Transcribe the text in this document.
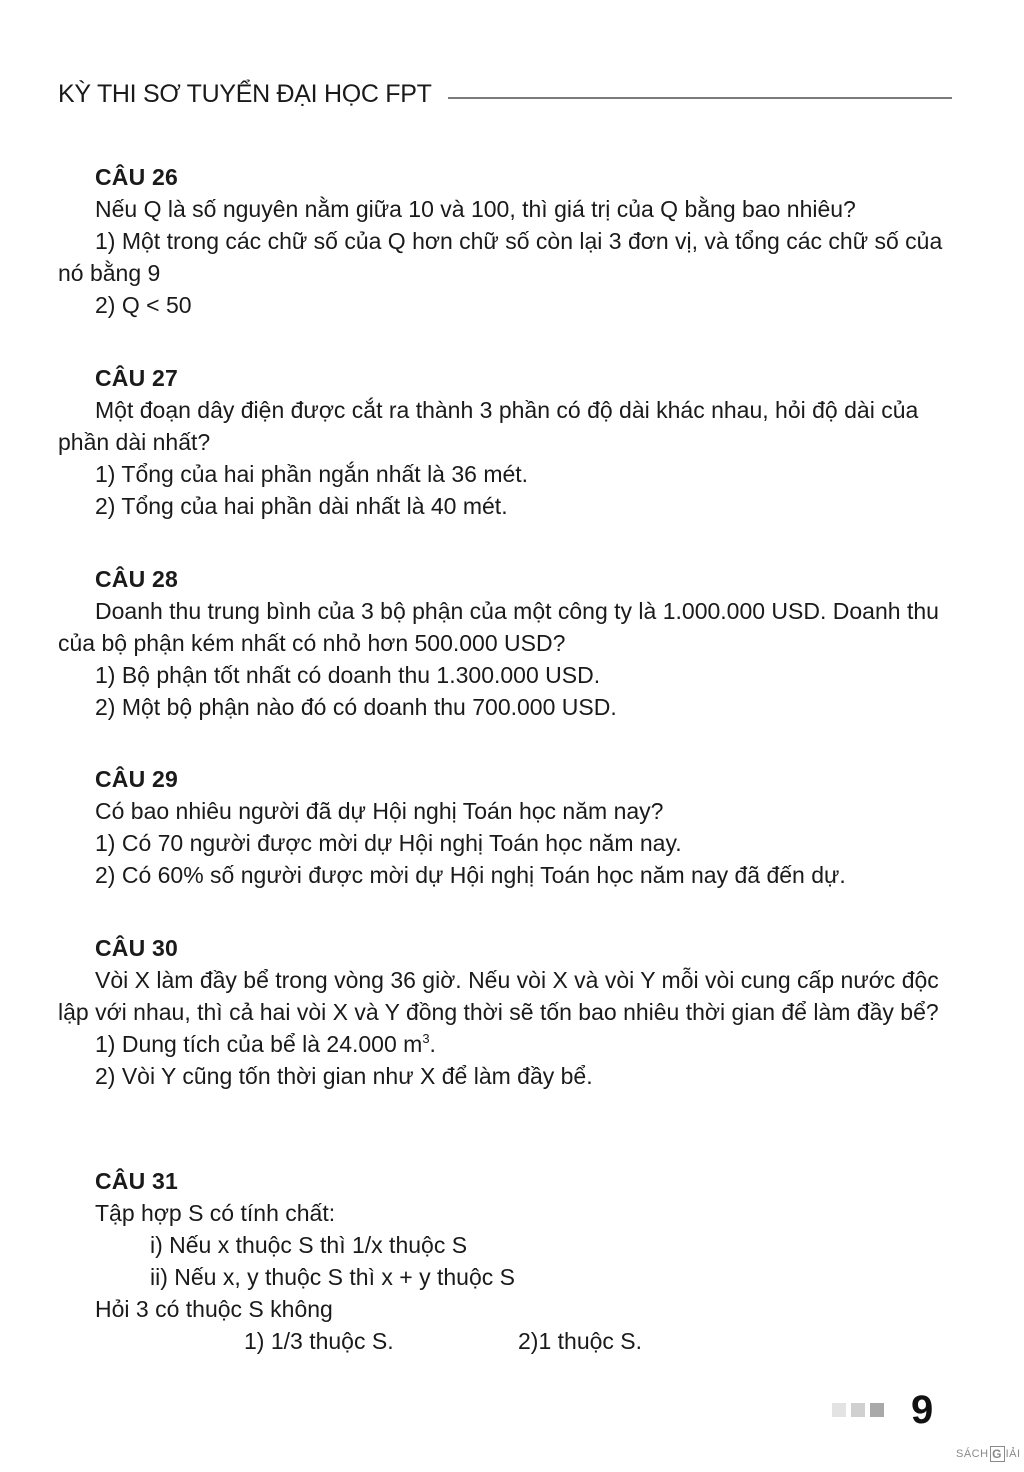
KỲ THI SƠ TUYỂN ĐẠI HỌC FPT
CÂU 26
Nếu Q là số nguyên nằm giữa 10 và 100, thì giá trị của Q bằng bao nhiêu?
1) Một trong các chữ số của Q hơn chữ số còn lại 3 đơn vị, và tổng các chữ số của nó bằng 9
2) Q < 50
CÂU 27
Một đoạn dây điện được cắt ra thành 3 phần có độ dài khác nhau, hỏi độ dài của phần dài nhất?
1) Tổng của hai phần ngắn nhất là 36 mét.
2) Tổng của hai phần dài nhất là 40 mét.
CÂU 28
Doanh thu trung bình của 3 bộ phận của một công ty là 1.000.000 USD. Doanh thu của bộ phận kém nhất có nhỏ hơn 500.000 USD?
1) Bộ phận tốt nhất có doanh thu 1.300.000 USD.
2) Một bộ phận nào đó có doanh thu 700.000 USD.
CÂU 29
Có bao nhiêu người đã dự Hội nghị Toán học năm nay?
1) Có 70 người được mời dự Hội nghị Toán học năm nay.
2) Có 60% số người được mời dự Hội nghị Toán học năm nay đã đến dự.
CÂU 30
Vòi X làm đầy bể trong vòng 36 giờ. Nếu vòi X và vòi Y mỗi vòi cung cấp nước độc lập với nhau, thì cả hai vòi X và Y đồng thời sẽ tốn bao nhiêu thời gian để làm đầy bể?
1) Dung tích của bể là 24.000 $m^3$.
2) Vòi Y cũng tốn thời gian như X để làm đầy bể.
CÂU 31
Tập hợp S có tính chất:
i) Nếu x thuộc S thì 1/x thuộc S
ii) Nếu x, y thuộc S thì x + y thuộc S
Hỏi 3 có thuộc S không
1) 1/3 thuộc S.	2)1 thuộc S.
9
SÁCH G IẢI
